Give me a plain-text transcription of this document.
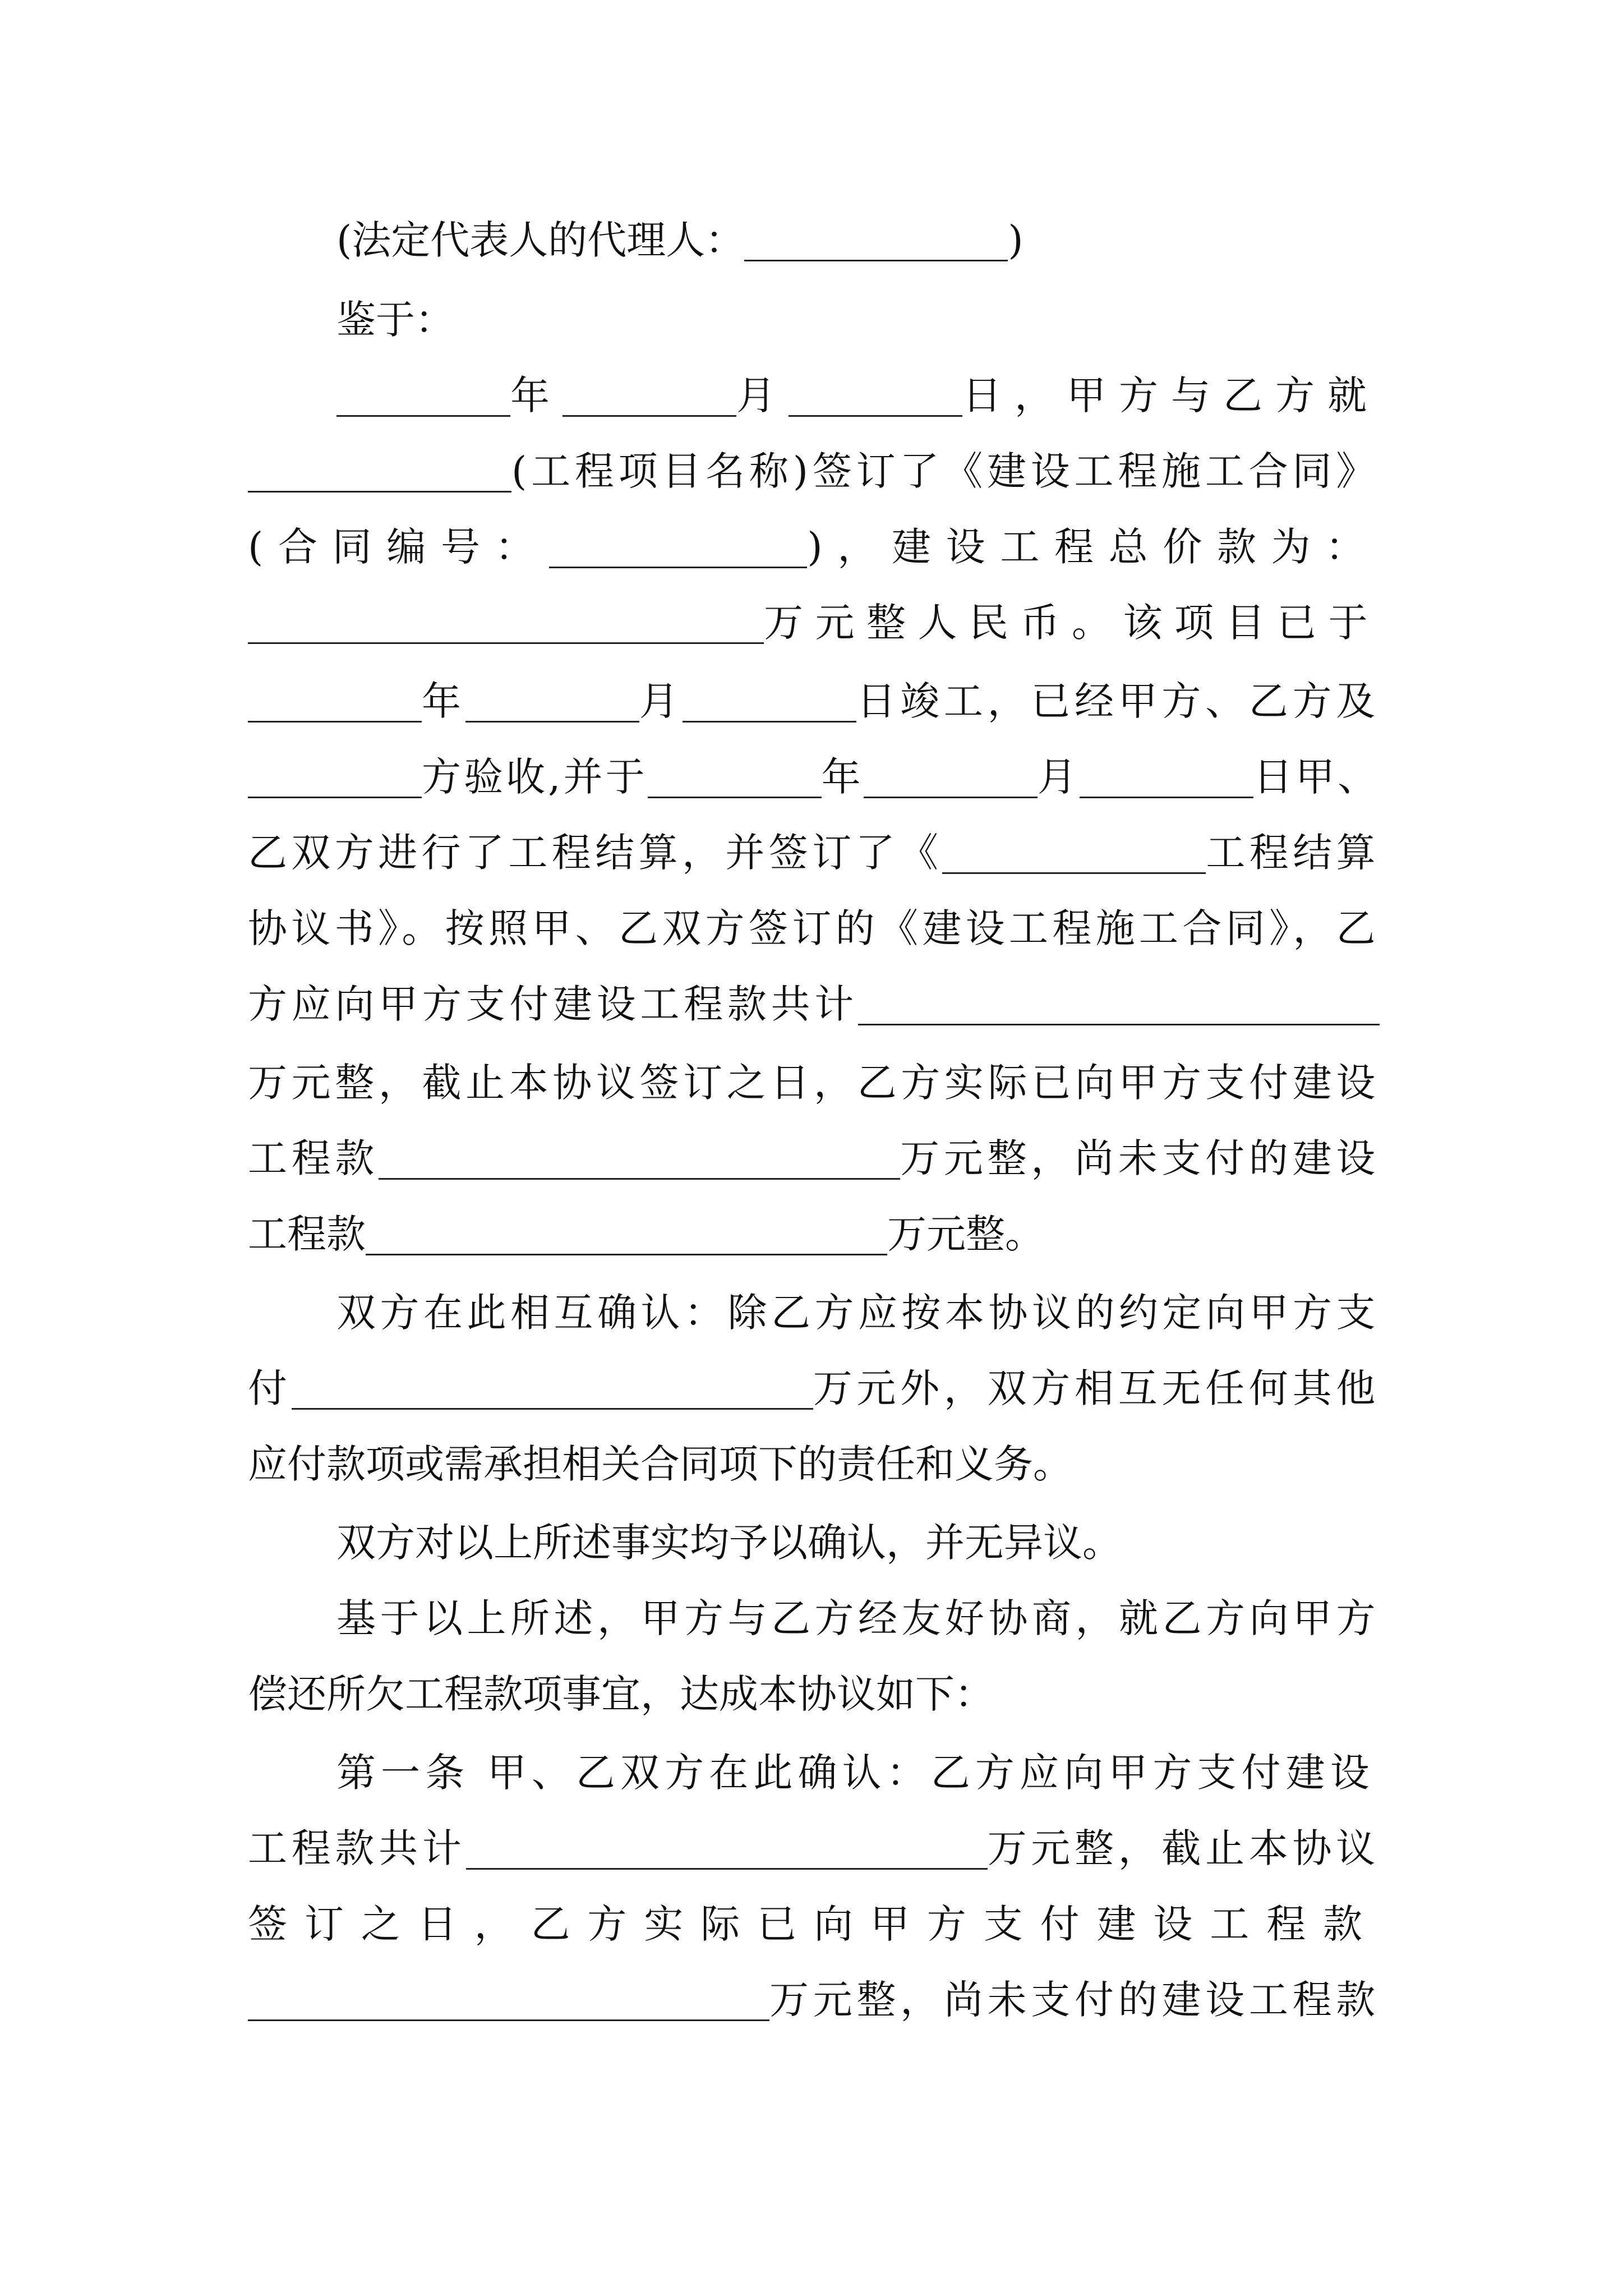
(法定代表人的代理人：	)
鉴于：
年	月	日，甲方与乙方就
(工程项目名称)签订了《建设工程施工合同》
(合同编号：	)，建设工程总价款为：
万元整人民币。该项目已于
年	月	日竣工，已经甲方、乙方及
方验收,并于	年	月	日甲、
乙双方进行了工程结算，并签订了《	工程结算
协议书》。按照甲、乙双方签订的《建设工程施工合同》，乙
方应向甲方支付建设工程款共计
万元整，截止本协议签订之日，乙方实际已向甲方支付建设
工程款	万元整，尚未支付的建设
工程款	万元整。
双方在此相互确认：除乙方应按本协议的约定向甲方支
付	万元外，双方相互无任何其他
应付款项或需承担相关合同项下的责任和义务。
双方对以上所述事实均予以确认，并无异议。
基于以上所述，甲方与乙方经友好协商，就乙方向甲方
偿还所欠工程款项事宜，达成本协议如下：
第一条 甲、乙双方在此确认：乙方应向甲方支付建设
工程款共计	万元整，截止本协议
签订之日，乙方实际已向甲方支付建设工程款
万元整，尚未支付的建设工程款
